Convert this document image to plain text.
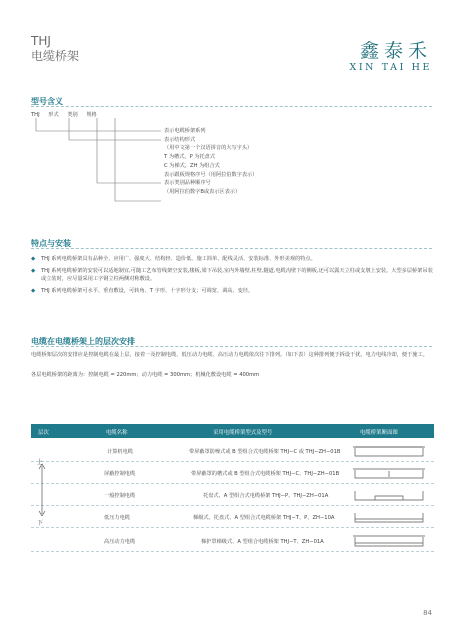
THJ
电缆桥架	鑫泰禾
XIN TAI HE
型号含义
THJ 形式 类别 规格
表示电缆桥架系列
表示结构形式
（用中文第一个汉语拼音的大写字头）
T 为槽式，P 为托盘式
C 为梯式，ZH 为组合式
表示跟板规格序号（用阿拉伯数字表示）
表示类别品种顺序号
（用阿拉伯数字B或表示区表示）
特点与安装
◆ THJ 系列电缆桥架具有品种全、应用广、强度大、结构轻、造价低、施工简单、配线灵活、安装标准、外形美观的特点。
◆ THJ 系列电缆桥架的安装可以适地制宜,可随工艺布管线架空安装,楼板,梁下吊装,室内外墙壁,柱壁,隧道,电缆沟壁下的侧板,还可以露天立柱或支墩上安装。大型多层桥架吊装或立装时，应尽量采用工字钢立柱两侧对称敷设。
◆ THJ 系列电缆桥架可水平、垂直敷设，可转角、T 字形、十字形分支；可调宽、调高、变径。
电缆在电缆桥架上的层次安排
电缆桥架层次的安排应是控制电缆在最上层，接着一及控制电缆、低压动力电缆、高压动力电缆依次往下排列。（如下表）这种排列便于拆设干扰，电力电线冷却，便于施工。
各层电缆桥架的距离为：控制电缆 = 220mm；动力电缆 = 300mm；机械化敷设电缆 = 400mm
层次	电缆名称	采用电缆桥架型式及型号	电缆桥架断面图
计算机电缆	带屏蔽罩防噪式或 B 型组合式电缆桥架 THJ−C 或 THJ−ZH−01B
屏蔽控制电缆	带屏蔽罩的槽式或 B 型组合式电缆桥架 THJ−C、THJ−ZH−01B
一般控制电缆	托盘式、A 型组合式电缆桥架 THJ−P、THJ−ZH−01A
低压力电缆	梯级式、托盘式、A 型组合式电缆桥架 THJ−T、P、ZH−10A
高压动力电缆	梯护罩梯级式、A 型组合电缆桥架 THJ−T、ZH−01A
上
下
84
